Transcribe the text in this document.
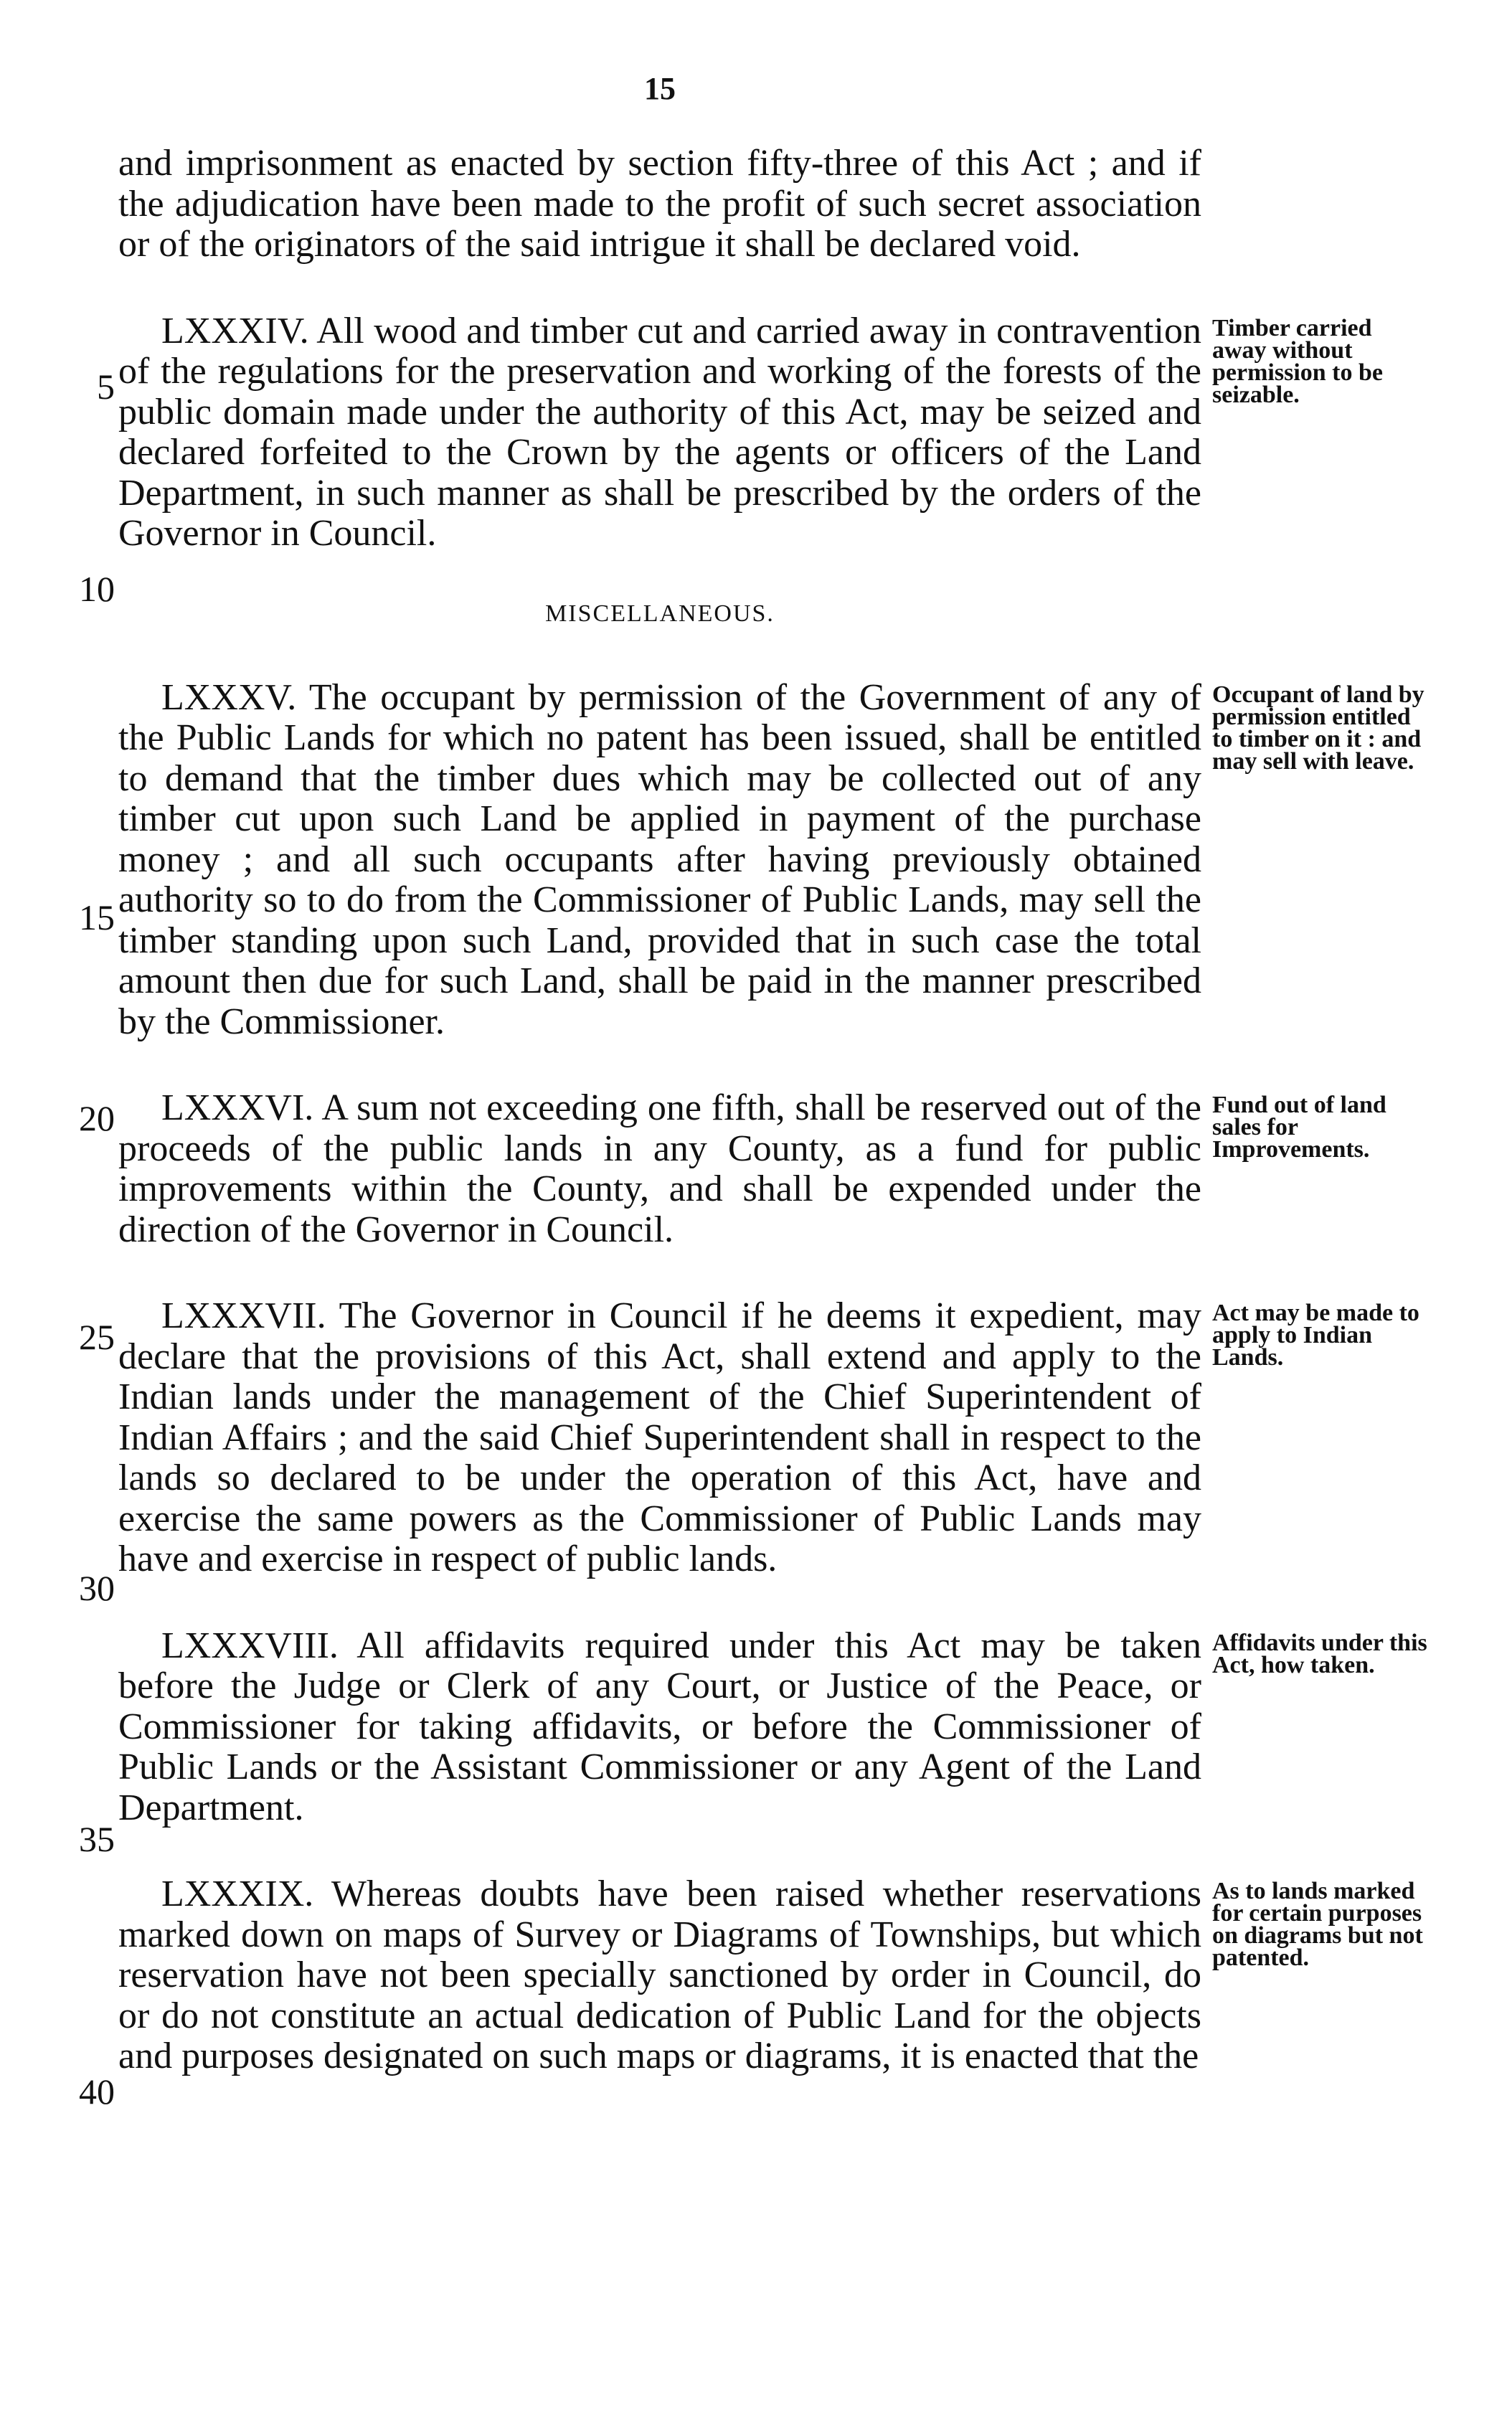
15
5
10
15
20
25
30
35
40

and imprisonment as enacted by section fifty-three of this Act ; and if the adjudication have been made to the profit of such secret association or of the originators of the said intrigue it shall be declared void.

LXXXIV. All wood and timber cut and carried away in contravention of the regulations for the preservation and working of the forests of the public domain made under the authority of this Act, may be seized and declared forfeited to the Crown by the agents or officers of the Land Department, in such manner as shall be prescribed by the orders of the Governor in Council.

Timber carried away without permission to be seizable.
MISCELLANEOUS.

LXXXV. The occupant by permission of the Government of any of the Public Lands for which no patent has been issued, shall be entitled to demand that the timber dues which may be collected out of any timber cut upon such Land be applied in payment of the purchase money ; and all such occupants after having previously obtained authority so to do from the Commissioner of Public Lands, may sell the timber standing upon such Land, provided that in such case the total amount then due for such Land, shall be paid in the manner prescribed by the Commissioner.

Occupant of land by permission entitled to timber on it : and may sell with leave.

LXXXVI. A sum not exceeding one fifth, shall be reserved out of the proceeds of the public lands in any County, as a fund for public improvements within the County, and shall be expended under the direction of the Governor in Council.

Fund out of land sales for Improvements.

LXXXVII. The Governor in Council if he deems it expedient, may declare that the provisions of this Act, shall extend and apply to the Indian lands under the management of the Chief Superintendent of Indian Affairs ; and the said Chief Superintendent shall in respect to the lands so declared to be under the operation of this Act, have and exercise the same powers as the Commissioner of Public Lands may have and exercise in respect of public lands.

Act may be made to apply to Indian Lands.

LXXXVIII. All affidavits required under this Act may be taken before the Judge or Clerk of any Court, or Justice of the Peace, or Commissioner for taking affidavits, or before the Commissioner of Public Lands or the Assistant Commissioner or any Agent of the Land Department.

Affidavits under this Act, how taken.

LXXXIX. Whereas doubts have been raised whether reservations marked down on maps of Survey or Diagrams of Townships, but which reservation have not been specially sanctioned by order in Council, do or do not constitute an actual dedication of Public Land for the objects and purposes designated on such maps or diagrams, it is enacted that the

As to lands marked for certain purposes on diagrams but not patented.
